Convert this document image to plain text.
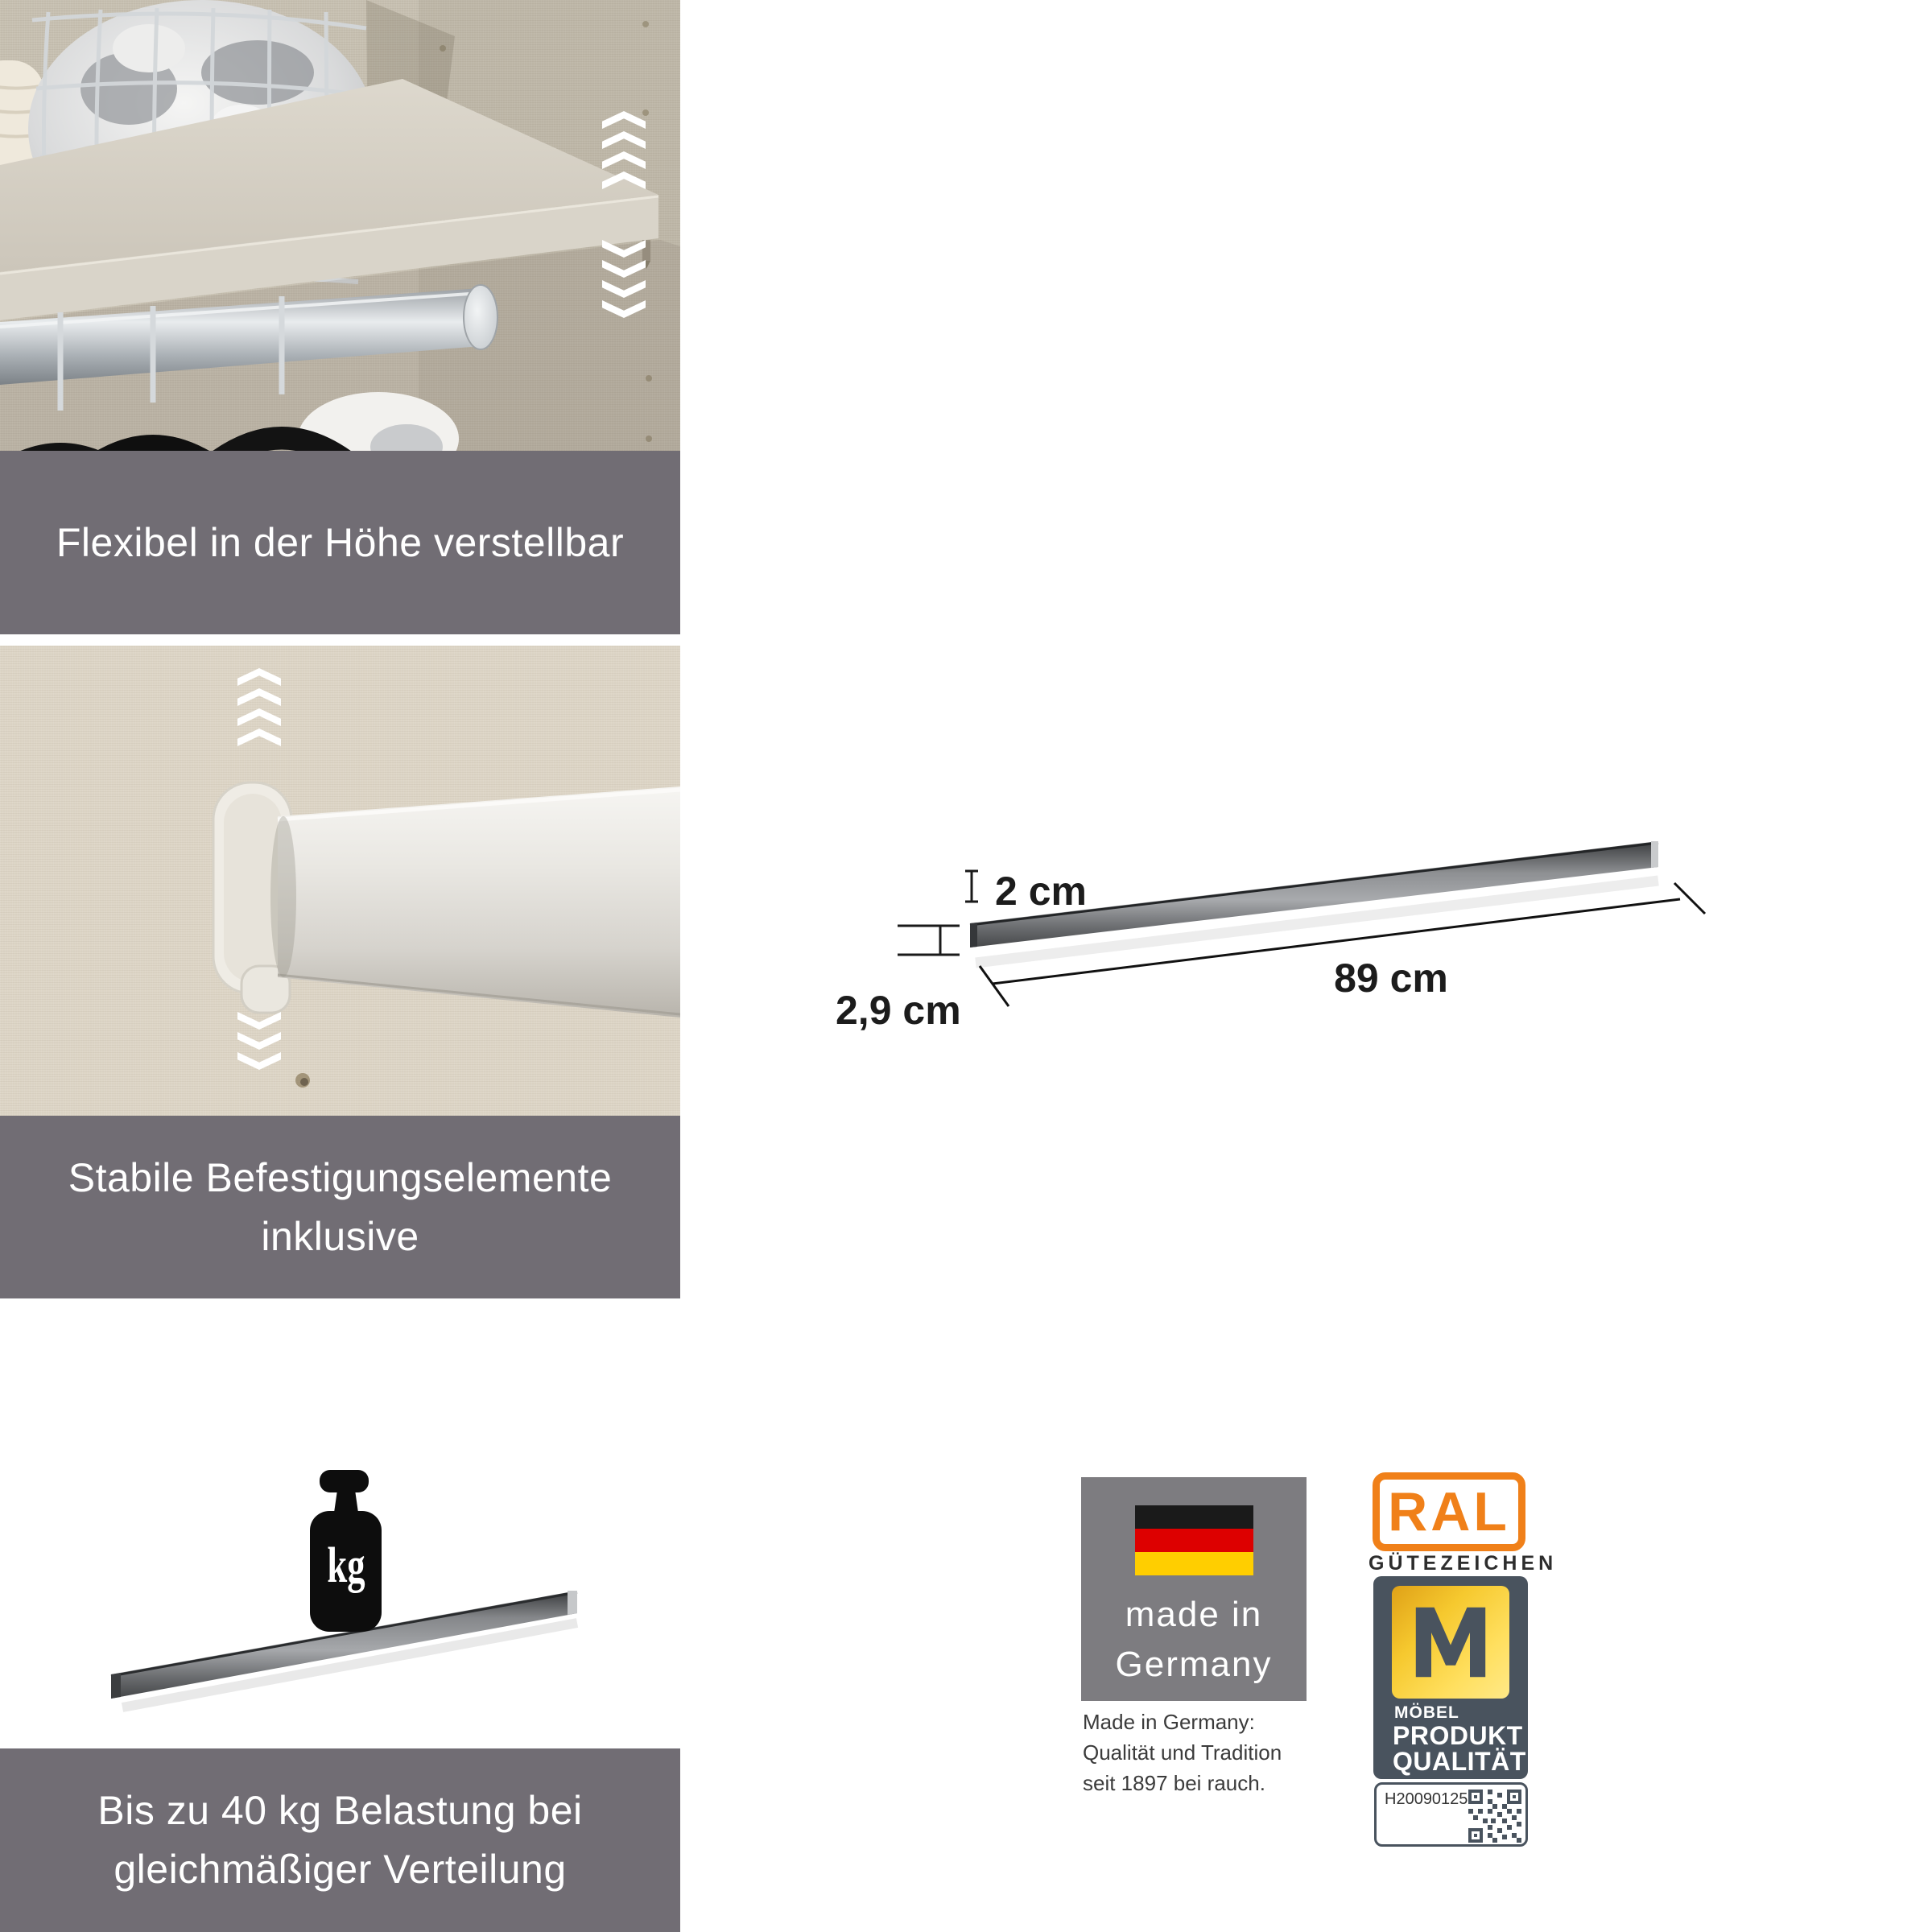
Flexibel in der Höhe verstellbar
Stabile Befestigungselemente
inklusive
kg
Bis zu 40 kg Belastung bei
gleichmäßiger Verteilung
2 cm
2,9 cm
89 cm
made in
Germany
Made in Germany:
Qualität und Tradition
seit 1897 bei rauch.
RAL
GÜTEZEICHEN
MÖBEL
PRODUKT
QUALITÄT
H20090125
